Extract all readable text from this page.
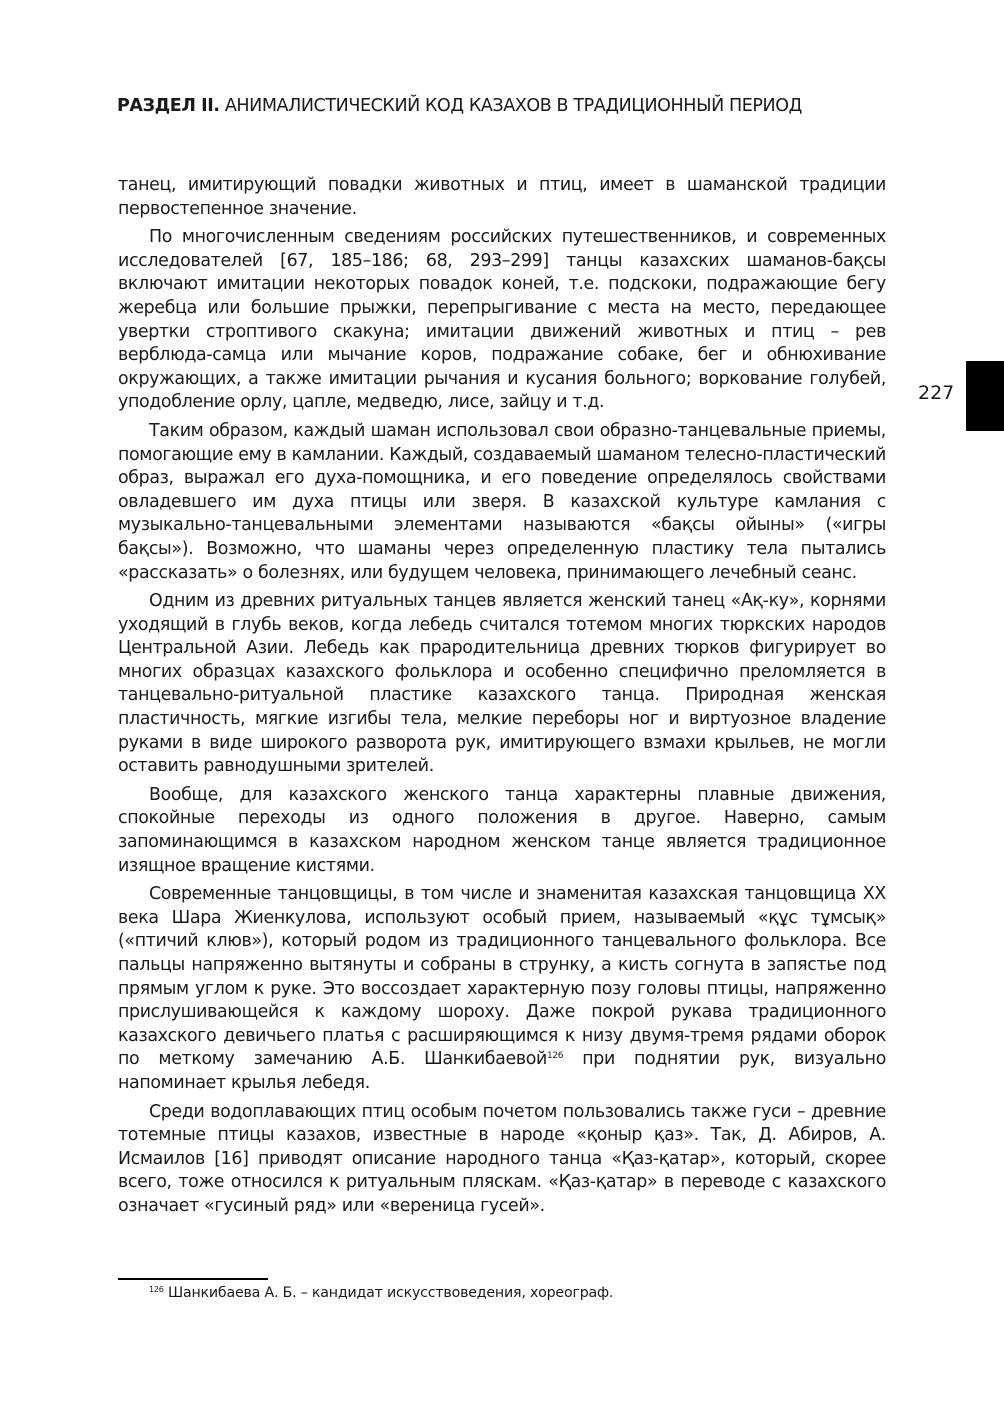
РАЗДЕЛ II. АНИМАЛИСТИЧЕСКИЙ КОД КАЗАХОВ В ТРАДИЦИОННЫЙ ПЕРИОД

танец, имитирующий повадки животных и птиц, имеет в шаманской традиции первостепенное значение.

По многочисленным сведениям российских путешественников, и современных исследователей [67, 185–186; 68, 293–299] танцы казахских шаманов-бақсы включают имитации некоторых повадок коней, т.е. подскоки, подражающие бегу жеребца или большие прыжки, перепрыгивание с места на место, передающее увертки строптивого скакуна; имитации движений животных и птиц – рев верблюда-самца или мычание коров, подражание собаке, бег и обнюхивание окружающих, а также имитации рычания и кусания больного; воркование голубей, уподобление орлу, цапле, медведю, лисе, зайцу и т.д.

Таким образом, каждый шаман использовал свои образно-танцевальные приемы, помогающие ему в камлании. Каждый, создаваемый шаманом телесно-пластический образ, выражал его духа-помощника, и его поведение определялось свойствами овладевшего им духа птицы или зверя. В казахской культуре камлания с музыкально-танцевальными элементами называются «бақсы ойыны» («игры бақсы»). Возможно, что шаманы через определенную пластику тела пытались «рассказать» о болезнях, или будущем человека, принимающего лечебный сеанс.

Одним из древних ритуальных танцев является женский танец «Ақ-ку», корнями уходящий в глубь веков, когда лебедь считался тотемом многих тюркских народов Центральной Азии. Лебедь как прародительница древних тюрков фигурирует во многих образцах казахского фольклора и особенно специфично преломляется в танцевально-ритуальной пластике казахского танца. Природная женская пластичность, мягкие изгибы тела, мелкие переборы ног и виртуозное владение руками в виде широкого разворота рук, имитирующего взмахи крыльев, не могли оставить равнодушными зрителей.

Вообще, для казахского женского танца характерны плавные движения, спокойные переходы из одного положения в другое. Наверно, самым запоминающимся в казахском народном женском танце является традиционное изящное вращение кистями.

Современные танцовщицы, в том числе и знаменитая казахская танцовщица ХХ века Шара Жиенкулова, используют особый прием, называемый «құс тұмсық» («птичий клюв»), который родом из традиционного танцевального фольклора. Все пальцы напряженно вытянуты и собраны в струнку, а кисть согнута в запястье под прямым углом к руке. Это воссоздает характерную позу головы птицы, напряженно прислушивающейся к каждому шороху. Даже покрой рукава традиционного казахского девичьего платья с расширяющимся к низу двумя-тремя рядами оборок по меткому замечанию А.Б. Шанкибаевой$^{126}$ при поднятии рук, визуально напоминает крылья лебедя.

Среди водоплавающих птиц особым почетом пользовались также гуси – древние тотемные птицы казахов, известные в народе «қоныр қаз». Так, Д. Абиров, А. Исмаилов [16] приводят описание народного танца «Қаз-қатар», который, скорее всего, тоже относился к ритуальным пляскам. «Қаз-қатар» в переводе с казахского означает «гусиный ряд» или «вереница гусей».

227
$^{126}$ Шанкибаева А. Б. – кандидат искусствоведения, хореограф.
